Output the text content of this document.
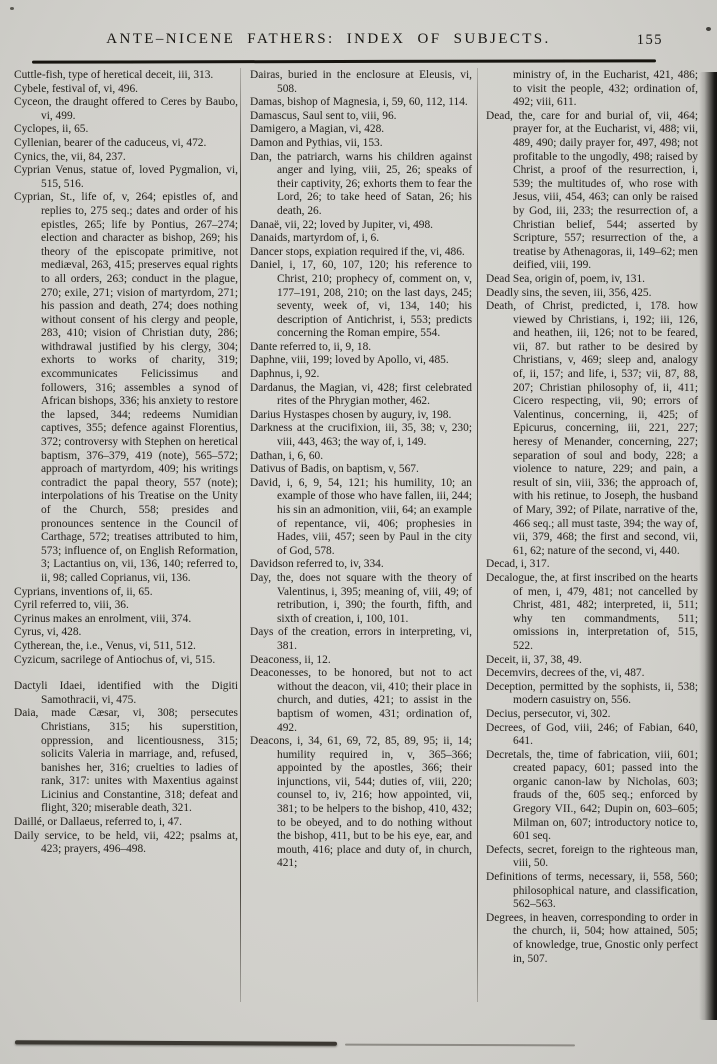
ANTE–NICENE FATHERS: INDEX OF SUBJECTS.	155

Cuttle-fish, type of heretical deceit, iii, 313.

Cybele, festival of, vi, 496.

Cyceon, the draught offered to Ceres by Baubo, vi, 499.

Cyclopes, ii, 65.

Cyllenian, bearer of the caduceus, vi, 472.

Cynics, the, vii, 84, 237.

Cyprian Venus, statue of, loved Pygmalion, vi, 515, 516.

Cyprian, St., life of, v, 264; epistles of, and replies to, 275 seq.; dates and order of his epistles, 265; life by Pontius, 267–274; election and character as bishop, 269; his theory of the episcopate primitive, not mediæval, 263, 415; preserves equal rights to all orders, 263; conduct in the plague, 270; exile, 271; vision of martyrdom, 271; his passion and death, 274; does nothing without consent of his clergy and people, 283, 410; vision of Christian duty, 286; withdrawal justified by his clergy, 304; exhorts to works of charity, 319; excommunicates Felicissimus and followers, 316; assembles a synod of African bishops, 336; his anxiety to restore the lapsed, 344; redeems Numidian captives, 355; defence against Florentius, 372; controversy with Stephen on heretical baptism, 376–379, 419 (note), 565–572; approach of martyrdom, 409; his writings contradict the papal theory, 557 (note); interpolations of his Treatise on the Unity of the Church, 558; presides and pronounces sentence in the Council of Carthage, 572; treatises attributed to him, 573; influence of, on English Reformation, 3; Lactantius on, vii, 136, 140; referred to, ii, 98; called Coprianus, vii, 136.

Cyprians, inventions of, ii, 65.

Cyril referred to, viii, 36.

Cyrinus makes an enrolment, viii, 374.

Cyrus, vi, 428.

Cytherean, the, i.e., Venus, vi, 511, 512.

Cyzicum, sacrilege of Antiochus of, vi, 515.

Dactyli Idaei, identified with the Digiti Samothracii, vi, 475.

Daia, made Cæsar, vi, 308; persecutes Christians, 315; his superstition, oppression, and licentiousness, 315; solicits Valeria in marriage, and, refused, banishes her, 316; cruelties to ladies of rank, 317: unites with Maxentius against Licinius and Constantine, 318; defeat and flight, 320; miserable death, 321.

Daillé, or Dallaeus, referred to, i, 47.

Daily service, to be held, vii, 422; psalms at, 423; prayers, 496–498.

Dairas, buried in the enclosure at Eleusis, vi, 508.

Damas, bishop of Magnesia, i, 59, 60, 112, 114.

Damascus, Saul sent to, viii, 96.

Damigero, a Magian, vi, 428.

Damon and Pythias, vii, 153.

Dan, the patriarch, warns his children against anger and lying, viii, 25, 26; speaks of their captivity, 26; exhorts them to fear the Lord, 26; to take heed of Satan, 26; his death, 26.

Danaë, vii, 22; loved by Jupiter, vi, 498.

Danaids, martyrdom of, i, 6.

Dancer stops, expiation required if the, vi, 486.

Daniel, i, 17, 60, 107, 120; his reference to Christ, 210; prophecy of, comment on, v, 177–191, 208, 210; on the last days, 245; seventy, week of, vi, 134, 140; his description of Antichrist, i, 553; predicts concerning the Roman empire, 554.

Dante referred to, ii, 9, 18.

Daphne, viii, 199; loved by Apollo, vi, 485.

Daphnus, i, 92.

Dardanus, the Magian, vi, 428; first celebrated rites of the Phrygian mother, 462.

Darius Hystaspes chosen by augury, iv, 198.

Darkness at the crucifixion, iii, 35, 38; v, 230; viii, 443, 463; the way of, i, 149.

Dathan, i, 6, 60.

Dativus of Badis, on baptism, v, 567.

David, i, 6, 9, 54, 121; his humility, 10; an example of those who have fallen, iii, 244; his sin an admonition, viii, 64; an example of repentance, vii, 406; prophesies in Hades, viii, 457; seen by Paul in the city of God, 578.

Davidson referred to, iv, 334.

Day, the, does not square with the theory of Valentinus, i, 395; meaning of, viii, 49; of retribution, i, 390; the fourth, fifth, and sixth of creation, i, 100, 101.

Days of the creation, errors in interpreting, vi, 381.

Deaconess, ii, 12.

Deaconesses, to be honored, but not to act without the deacon, vii, 410; their place in church, and duties, 421; to assist in the baptism of women, 431; ordination of, 492.

Deacons, i, 34, 61, 69, 72, 85, 89, 95; ii, 14; humility required in, v, 365–366; appointed by the apostles, 366; their injunctions, vii, 544; duties of, viii, 220; counsel to, iv, 216; how appointed, vii, 381; to be helpers to the bishop, 410, 432; to be obeyed, and to do nothing without the bishop, 411, but to be his eye, ear, and mouth, 416; place and duty of, in church, 421;

ministry of, in the Eucharist, 421, 486; to visit the people, 432; ordination of, 492; viii, 611.

Dead, the, care for and burial of, vii, 464; prayer for, at the Eucharist, vi, 488; vii, 489, 490; daily prayer for, 497, 498; not profitable to the ungodly, 498; raised by Christ, a proof of the resurrection, i, 539; the multitudes of, who rose with Jesus, viii, 454, 463; can only be raised by God, iii, 233; the resurrection of, a Christian belief, 544; asserted by Scripture, 557; resurrection of the, a treatise by Athenagoras, ii, 149–62; men deified, viii, 199.

Dead Sea, origin of, poem, iv, 131.

Deadly sins, the seven, iii, 356, 425.

Death, of Christ, predicted, i, 178. how viewed by Christians, i, 192; iii, 126, and heathen, iii, 126; not to be feared, vii, 87. but rather to be desired by Christians, v, 469; sleep and, analogy of, ii, 157; and life, i, 537; vii, 87, 88, 207; Christian philosophy of, ii, 411; Cicero respecting, vii, 90; errors of Valentinus, concerning, ii, 425; of Epicurus, concerning, iii, 221, 227; heresy of Menander, concerning, 227; separation of soul and body, 228; a violence to nature, 229; and pain, a result of sin, viii, 336; the approach of, with his retinue, to Joseph, the husband of Mary, 392; of Pilate, narrative of the, 466 seq.; all must taste, 394; the way of, vii, 379, 468; the first and second, vii, 61, 62; nature of the second, vi, 440.

Decad, i, 317.

Decalogue, the, at first inscribed on the hearts of men, i, 479, 481; not cancelled by Christ, 481, 482; interpreted, ii, 511; why ten commandments, 511; omissions in, interpretation of, 515, 522.

Deceit, ii, 37, 38, 49.

Decemvirs, decrees of the, vi, 487.

Deception, permitted by the sophists, ii, 538; modern casuistry on, 556.

Decius, persecutor, vi, 302.

Decrees, of God, viii, 246; of Fabian, 640, 641.

Decretals, the, time of fabrication, viii, 601; created papacy, 601; passed into the organic canon-law by Nicholas, 603; frauds of the, 605 seq.; enforced by Gregory VII., 642; Dupin on, 603–605; Milman on, 607; introductory notice to, 601 seq.

Defects, secret, foreign to the righteous man, viii, 50.

Definitions of terms, necessary, ii, 558, 560; philosophical nature, and classification, 562–563.

Degrees, in heaven, corresponding to order in the church, ii, 504; how attained, 505; of knowledge, true, Gnostic only perfect in, 507.
